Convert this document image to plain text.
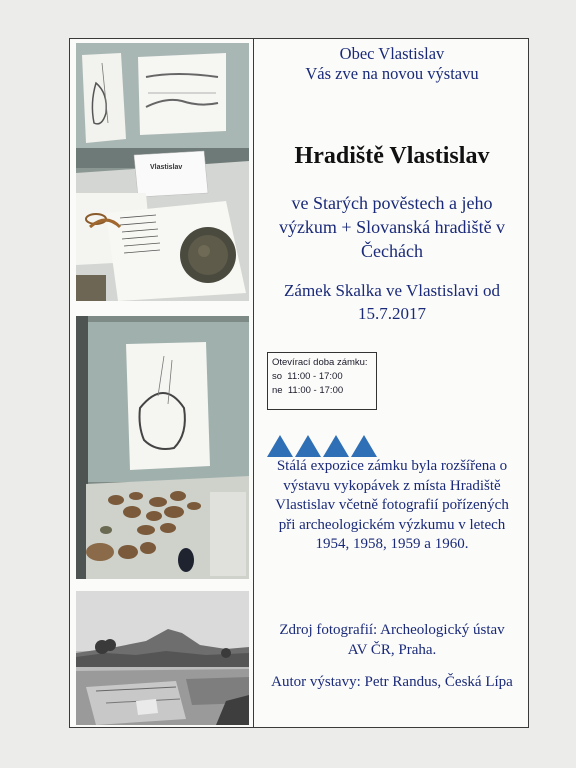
Vlastislav
Obec Vlastislav
Vás zve na novou výstavu
Hradiště Vlastislav
ve Starých pověstech a jeho
výzkum + Slovanská hradiště v
Čechách
Zámek Skalka ve Vlastislavi od
15.7.2017
Otevírací doba zámku:
so  11:00 - 17:00
ne  11:00 - 17:00
Stálá expozice zámku byla rozšířena o
výstavu vykopávek z místa Hradiště
Vlastislav včetně fotografií pořízených
při archeologickém výzkumu v letech
1954, 1958, 1959 a 1960.
Zdroj fotografií: Archeologický ústav
AV ČR, Praha.
Autor výstavy: Petr Randus, Česká Lípa
